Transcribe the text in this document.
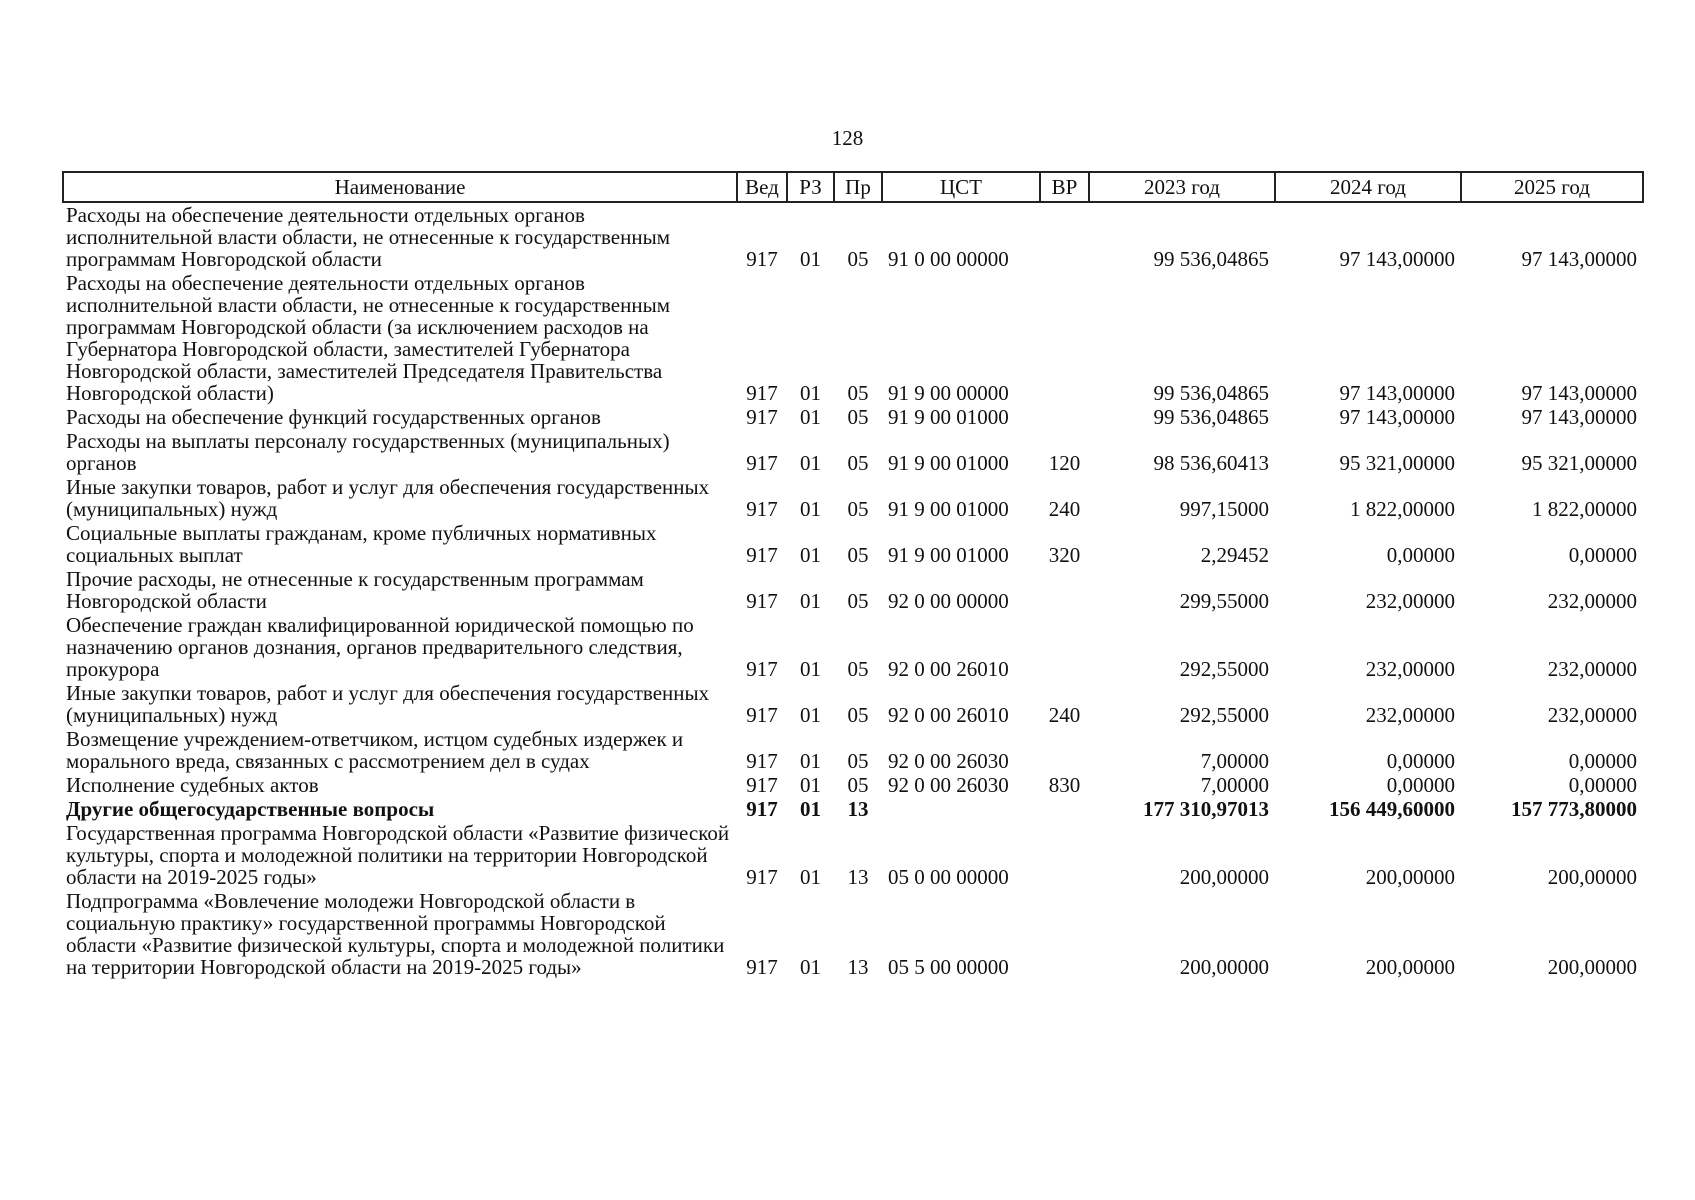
128
Наименование	Вед	РЗ	Пр	ЦСТ	ВР	2023 год	2024 год	2025 год
Расходы на обеспечение деятельности отдельных органов исполнительной власти области, не отнесенные к государственным программам Новгородской области	917	01	05	91 0 00 00000		99 536,04865	97 143,00000	97 143,00000
Расходы на обеспечение деятельности отдельных органов исполнительной власти области, не отнесенные к государственным программам Новгородской области (за исключением расходов на Губернатора Новгородской области, заместителей Губернатора Новгородской области, заместителей Председателя Правительства Новгородской области)	917	01	05	91 9 00 00000		99 536,04865	97 143,00000	97 143,00000
Расходы на обеспечение функций государственных органов	917	01	05	91 9 00 01000		99 536,04865	97 143,00000	97 143,00000
Расходы на выплаты персоналу государственных (муниципальных) органов	917	01	05	91 9 00 01000	120	98 536,60413	95 321,00000	95 321,00000
Иные закупки товаров, работ и услуг для обеспечения государственных (муниципальных) нужд	917	01	05	91 9 00 01000	240	997,15000	1 822,00000	1 822,00000
Социальные выплаты гражданам, кроме публичных нормативных социальных выплат	917	01	05	91 9 00 01000	320	2,29452	0,00000	0,00000
Прочие расходы, не отнесенные к государственным программам Новгородской области	917	01	05	92 0 00 00000		299,55000	232,00000	232,00000
Обеспечение граждан квалифицированной юридической помощью по назначению органов дознания, органов предварительного следствия, прокурора	917	01	05	92 0 00 26010		292,55000	232,00000	232,00000
Иные закупки товаров, работ и услуг для обеспечения государственных (муниципальных) нужд	917	01	05	92 0 00 26010	240	292,55000	232,00000	232,00000
Возмещение учреждением-ответчиком, истцом судебных издержек и морального вреда, связанных с рассмотрением дел в судах	917	01	05	92 0 00 26030		7,00000	0,00000	0,00000
Исполнение судебных актов	917	01	05	92 0 00 26030	830	7,00000	0,00000	0,00000
Другие общегосударственные вопросы	917	01	13			177 310,97013	156 449,60000	157 773,80000
Государственная программа Новгородской области «Развитие физической культуры, спорта и молодежной политики на территории Новгородской области на 2019-2025 годы»	917	01	13	05 0 00 00000		200,00000	200,00000	200,00000
Подпрограмма «Вовлечение молодежи Новгородской области в социальную практику» государственной программы Новгородской области «Развитие физической культуры, спорта и молодежной политики на территории Новгородской области на 2019-2025 годы»	917	01	13	05 5 00 00000		200,00000	200,00000	200,00000
